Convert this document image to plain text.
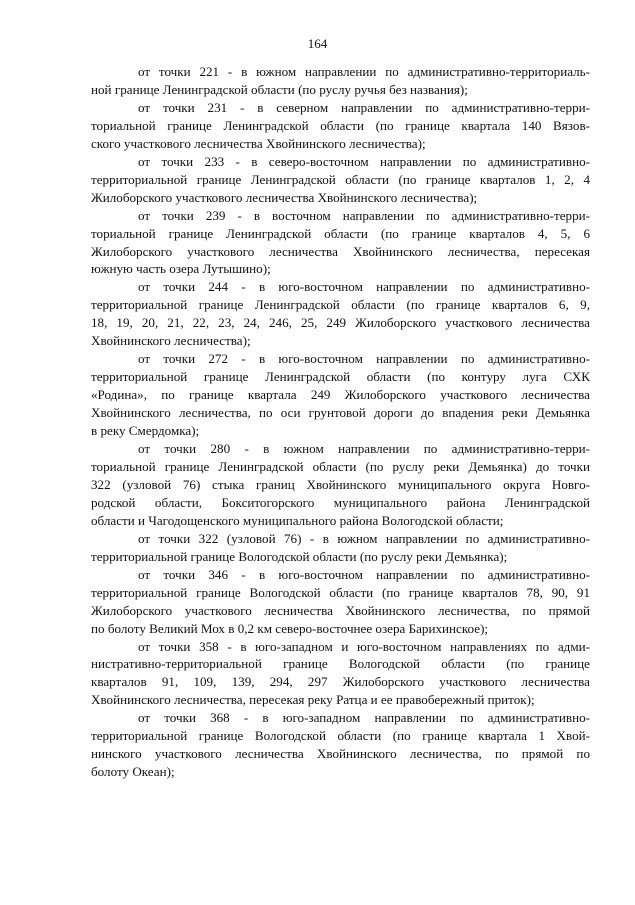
164

от точки 221 - в южном направлении по административно-территориаль-
ной границе Ленинградской области (по руслу ручья без названия);

от точки 231 - в северном направлении по административно-терри-
ториальной границе Ленинградской области (по границе квартала 140 Вязов-
ского участкового лесничества Хвойнинского лесничества);

от точки 233 - в северо-восточном направлении по административно-
территориальной границе Ленинградской области (по границе кварталов 1, 2, 4
Жилоборского участкового лесничества Хвойнинского лесничества);

от точки 239 - в восточном направлении по административно-терри-
ториальной границе Ленинградской области (по границе кварталов 4, 5, 6
Жилоборского участкового лесничества Хвойнинского лесничества, пересекая
южную часть озера Лутышино);

от точки 244 - в юго-восточном направлении по административно-
территориальной границе Ленинградской области (по границе кварталов 6, 9,
18, 19, 20, 21, 22, 23, 24, 246, 25, 249 Жилоборского участкового лесничества
Хвойнинского лесничества);

от точки 272 - в юго-восточном направлении по административно-
территориальной границе Ленинградской области (по контуру луга СХК
«Родина», по границе квартала 249 Жилоборского участкового лесничества
Хвойнинского лесничества, по оси грунтовой дороги до впадения реки Демьянка
в реку Смердомка);

от точки 280 - в южном направлении по административно-терри-
ториальной границе Ленинградской области (по руслу реки Демьянка) до точки
322 (узловой 76) стыка границ Хвойнинского муниципального округа Новго-
родской области, Бокситогорского муниципального района Ленинградской
области и Чагодощенского муниципального района Вологодской области;

от точки 322 (узловой 76) - в южном направлении по административно-
территориальной границе Вологодской области (по руслу реки Демьянка);

от точки 346 - в юго-восточном направлении по административно-
территориальной границе Вологодской области (по границе кварталов 78, 90, 91
Жилоборского участкового лесничества Хвойнинского лесничества, по прямой
по болоту Великий Мох в 0,2 км северо-восточнее озера Барихинское);

от точки 358 - в юго-западном и юго-восточном направлениях по адми-
нистративно-территориальной границе Вологодской области (по границе
кварталов 91, 109, 139, 294, 297 Жилоборского участкового лесничества
Хвойнинского лесничества, пересекая реку Ратца и ее правобережный приток);

от точки 368 - в юго-западном направлении по административно-
территориальной границе Вологодской области (по границе квартала 1 Хвой-
нинского участкового лесничества Хвойнинского лесничества, по прямой по
болоту Океан);
